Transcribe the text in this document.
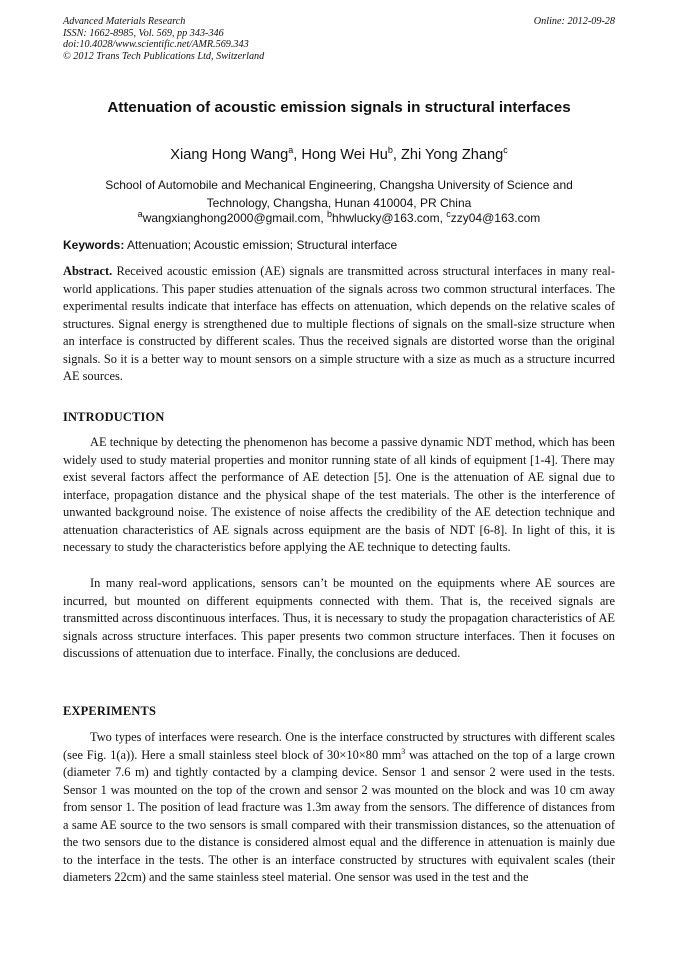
Advanced Materials Research
ISSN: 1662-8985, Vol. 569, pp 343-346
doi:10.4028/www.scientific.net/AMR.569.343
© 2012 Trans Tech Publications Ltd, Switzerland
Online: 2012-09-28
Attenuation of acoustic emission signals in structural interfaces
Xiang Hong Wang$^a$, Hong Wei Hu$^b$, Zhi Yong Zhang$^c$
School of Automobile and Mechanical Engineering, Changsha University of Science and
Technology, Changsha, Hunan 410004, PR China
$^a$wangxianghong2000@gmail.com, $^b$hhwlucky@163.com, $^c$zzy04@163.com
Keywords: Attenuation; Acoustic emission; Structural interface
Abstract. Received acoustic emission (AE) signals are transmitted across structural interfaces in many real-world applications. This paper studies attenuation of the signals across two common structural interfaces. The experimental results indicate that interface has effects on attenuation, which depends on the relative scales of structures. Signal energy is strengthened due to multiple flections of signals on the small-size structure when an interface is constructed by different scales. Thus the received signals are distorted worse than the original signals. So it is a better way to mount sensors on a simple structure with a size as much as a structure incurred AE sources.
INTRODUCTION
AE technique by detecting the phenomenon has become a passive dynamic NDT method, which has been widely used to study material properties and monitor running state of all kinds of equipment [1-4]. There may exist several factors affect the performance of AE detection [5]. One is the attenuation of AE signal due to interface, propagation distance and the physical shape of the test materials. The other is the interference of unwanted background noise. The existence of noise affects the credibility of the AE detection technique and attenuation characteristics of AE signals across equipment are the basis of NDT [6-8]. In light of this, it is necessary to study the characteristics before applying the AE technique to detecting faults.
In many real-word applications, sensors can’t be mounted on the equipments where AE sources are incurred, but mounted on different equipments connected with them. That is, the received signals are transmitted across discontinuous interfaces. Thus, it is necessary to study the propagation characteristics of AE signals across structure interfaces. This paper presents two common structure interfaces. Then it focuses on discussions of attenuation due to interface. Finally, the conclusions are deduced.
EXPERIMENTS
Two types of interfaces were research. One is the interface constructed by structures with different scales (see Fig. 1(a)). Here a small stainless steel block of 30×10×80 $mm^3$ was attached on the top of a large crown (diameter 7.6 m) and tightly contacted by a clamping device. Sensor 1 and sensor 2 were used in the tests. Sensor 1 was mounted on the top of the crown and sensor 2 was mounted on the block and was 10 cm away from sensor 1. The position of lead fracture was 1.3m away from the sensors. The difference of distances from a same AE source to the two sensors is small compared with their transmission distances, so the attenuation of the two sensors due to the distance is considered almost equal and the difference in attenuation is mainly due to the interface in the tests. The other is an interface constructed by structures with equivalent scales (their diameters 22cm) and the same stainless steel material. One sensor was used in the test and the
